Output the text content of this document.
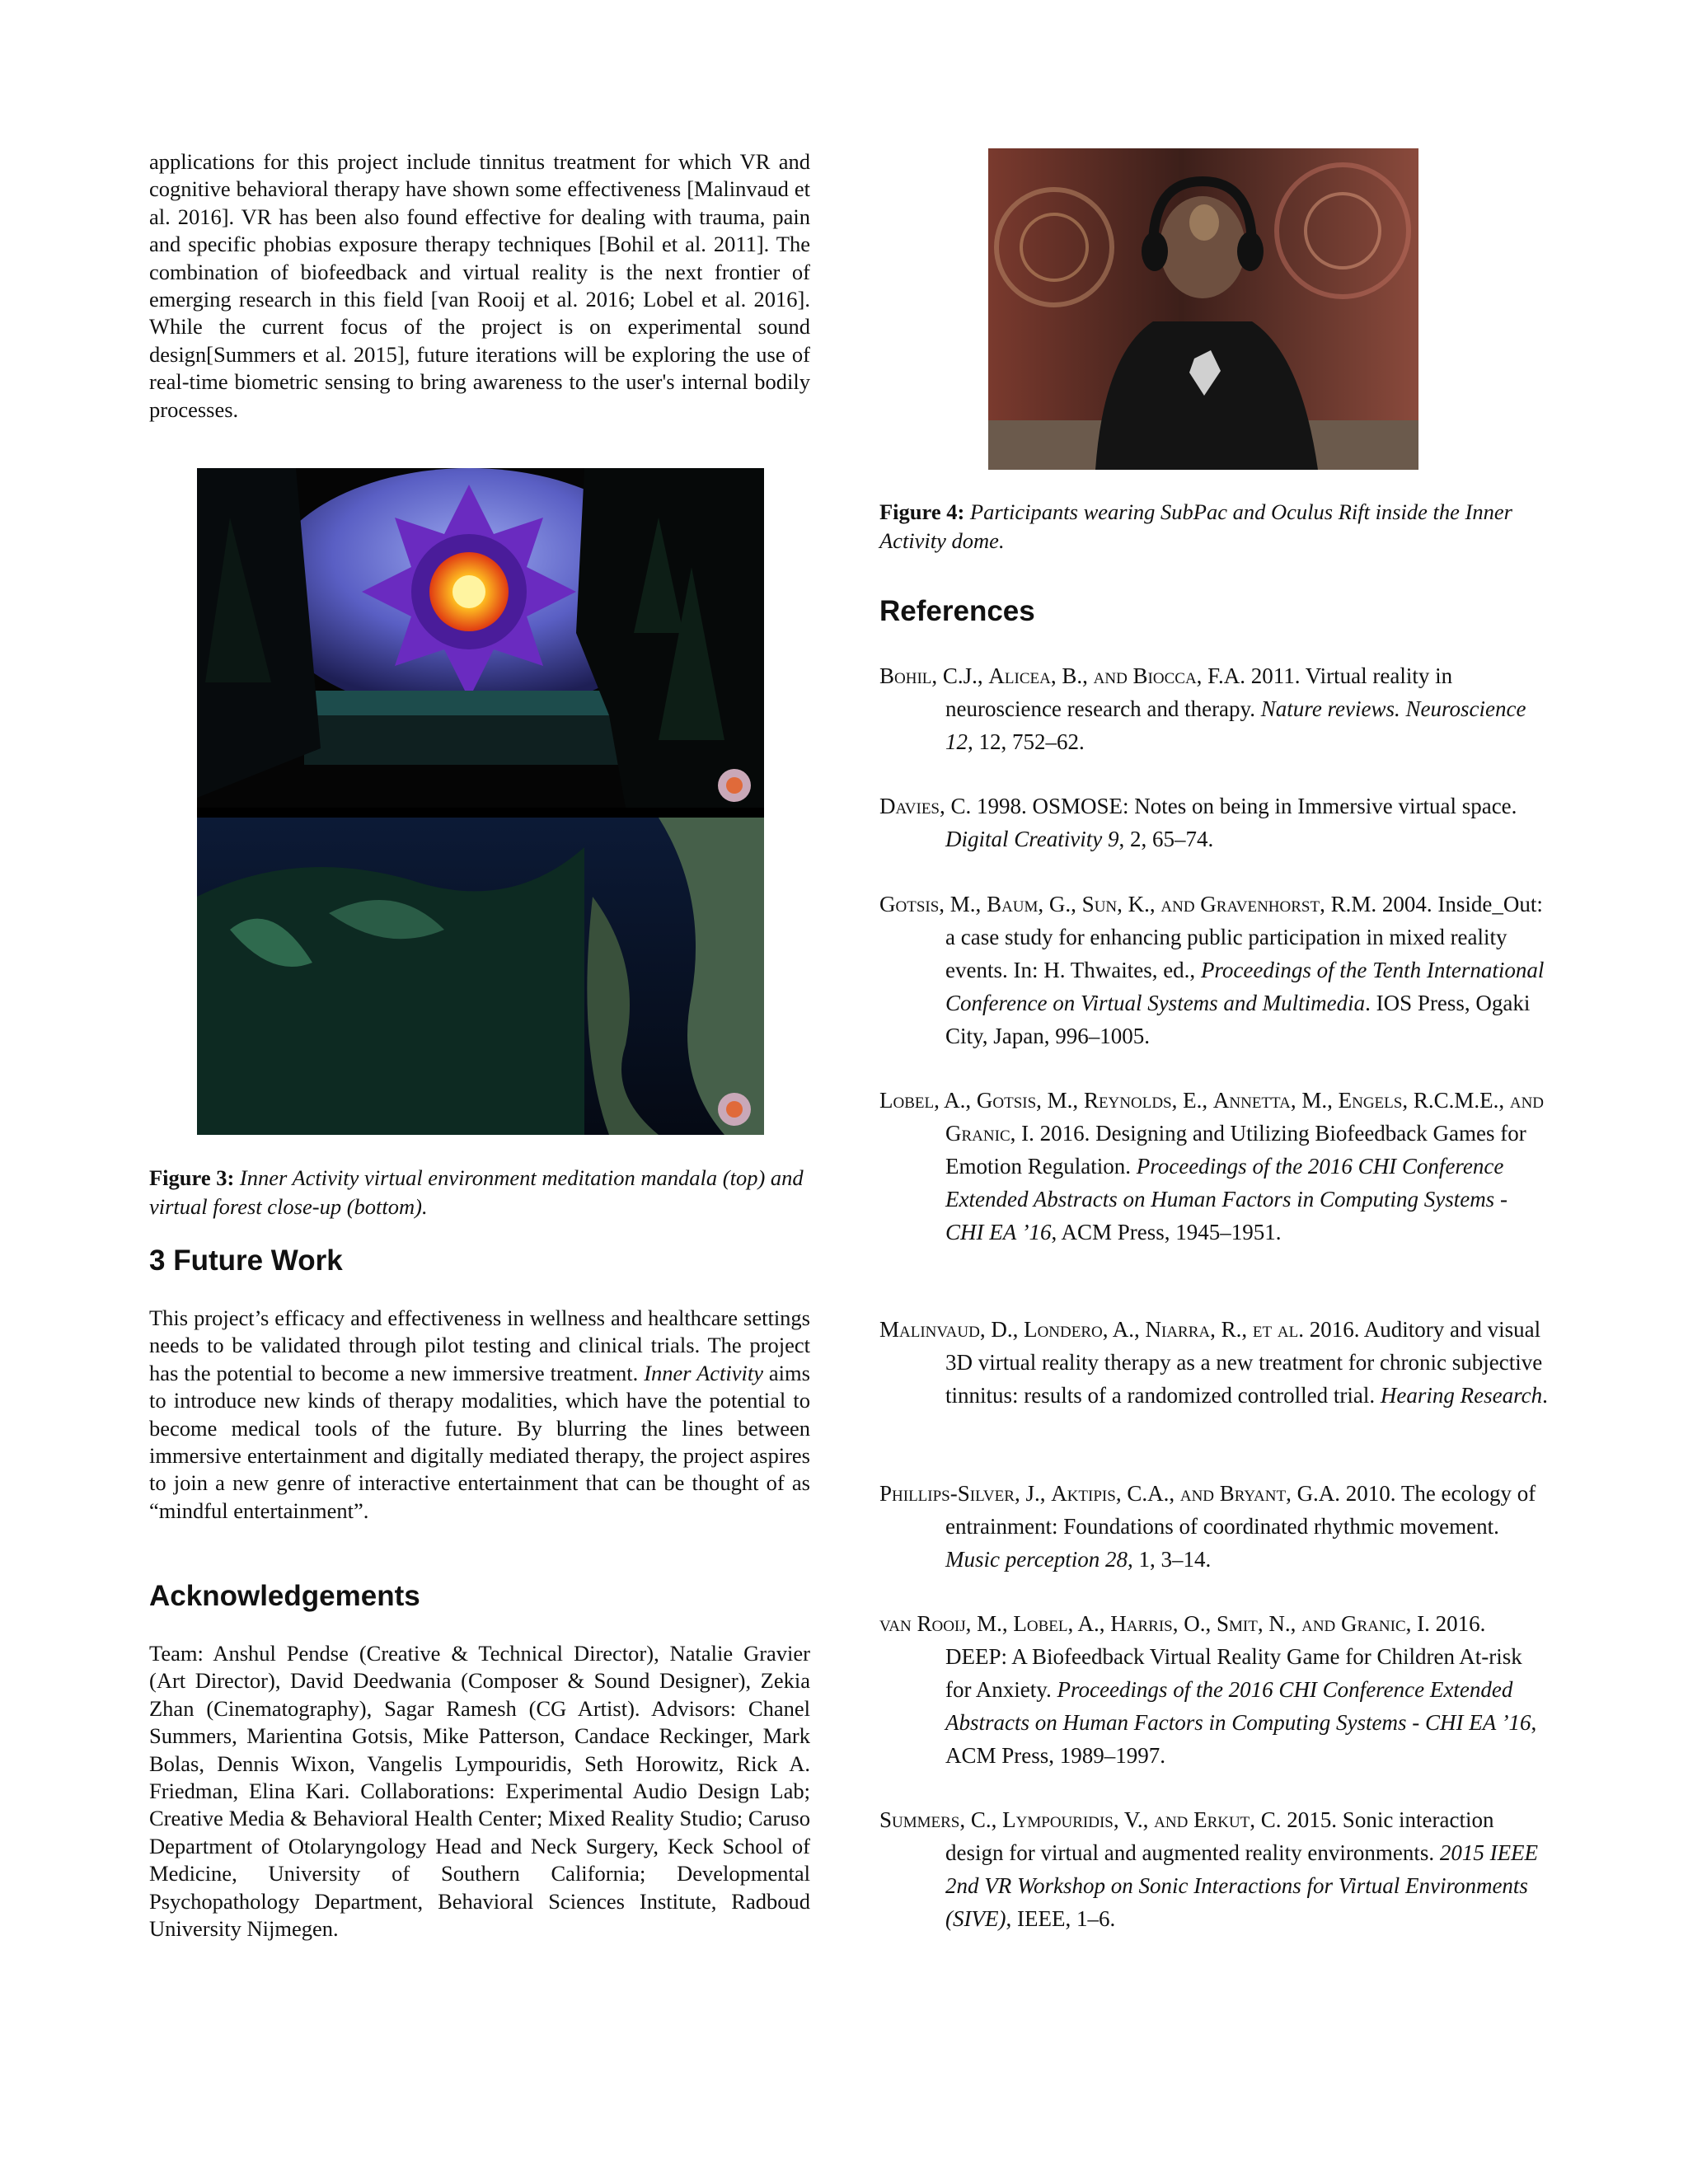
applications for this project include tinnitus treatment for which VR and cognitive behavioral therapy have shown some effectiveness [Malinvaud et al. 2016]. VR has been also found effective for dealing with trauma, pain and specific phobias exposure therapy techniques [Bohil et al. 2011]. The combination of biofeedback and virtual reality is the next frontier of emerging research in this field [van Rooij et al. 2016; Lobel et al. 2016]. While the current focus of the project is on experimental sound design[Summers et al. 2015], future iterations will be exploring the use of real-time biometric sensing to bring awareness to the user's internal bodily processes.

Figure 3: Inner Activity virtual environment meditation mandala (top) and virtual forest close-up (bottom).
3 Future Work

This project’s efficacy and effectiveness in wellness and healthcare settings needs to be validated through pilot testing and clinical trials. The project has the potential to become a new immersive treatment. Inner Activity aims to introduce new kinds of therapy modalities, which have the potential to become medical tools of the future. By blurring the lines between immersive entertainment and digitally mediated therapy, the project aspires to join a new genre of interactive entertainment that can be thought of as “mindful entertainment”.

Acknowledgements

Team: Anshul Pendse (Creative & Technical Director), Natalie Gravier (Art Director), David Deedwania (Composer & Sound Designer), Zekia Zhan (Cinematography), Sagar Ramesh (CG Artist). Advisors: Chanel Summers, Marientina Gotsis, Mike Patterson, Candace Reckinger, Mark Bolas, Dennis Wixon, Vangelis Lympouridis, Seth Horowitz, Rick A. Friedman, Elina Kari. Collaborations: Experimental Audio Design Lab; Creative Media & Behavioral Health Center; Mixed Reality Studio; Caruso Department of Otolaryngology Head and Neck Surgery, Keck School of Medicine, University of Southern California; Developmental Psychopathology Department, Behavioral Sciences Institute, Radboud University Nijmegen.

Figure 4: Participants wearing SubPac and Oculus Rift inside the Inner Activity dome.
References
Bohil, C.J., Alicea, B., and Biocca, F.A. 2011. Virtual reality in neuroscience research and therapy. Nature reviews. Neuroscience 12, 12, 752–62.
Davies, C. 1998. OSMOSE: Notes on being in Immersive virtual space. Digital Creativity 9, 2, 65–74.
Gotsis, M., Baum, G., Sun, K., and Gravenhorst, R.M. 2004. Inside_Out: a case study for enhancing public participation in mixed reality events. In: H. Thwaites, ed., Proceedings of the Tenth International Conference on Virtual Systems and Multimedia. IOS Press, Ogaki City, Japan, 996–1005.
Lobel, A., Gotsis, M., Reynolds, E., Annetta, M., Engels, R.C.M.E., and Granic, I. 2016. Designing and Utilizing Biofeedback Games for Emotion Regulation. Proceedings of the 2016 CHI Conference Extended Abstracts on Human Factors in Computing Systems - CHI EA ’16, ACM Press, 1945–1951.
Malinvaud, D., Londero, A., Niarra, R., et al. 2016. Auditory and visual 3D virtual reality therapy as a new treatment for chronic subjective tinnitus: results of a randomized controlled trial. Hearing Research.
Phillips-Silver, J., Aktipis, C.A., and Bryant, G.A. 2010. The ecology of entrainment: Foundations of coordinated rhythmic movement. Music perception 28, 1, 3–14.
van Rooij, M., Lobel, A., Harris, O., Smit, N., and Granic, I. 2016. DEEP: A Biofeedback Virtual Reality Game for Children At-risk for Anxiety. Proceedings of the 2016 CHI Conference Extended Abstracts on Human Factors in Computing Systems - CHI EA ’16, ACM Press, 1989–1997.
Summers, C., Lympouridis, V., and Erkut, C. 2015. Sonic interaction design for virtual and augmented reality environments. 2015 IEEE 2nd VR Workshop on Sonic Interactions for Virtual Environments (SIVE), IEEE, 1–6.
